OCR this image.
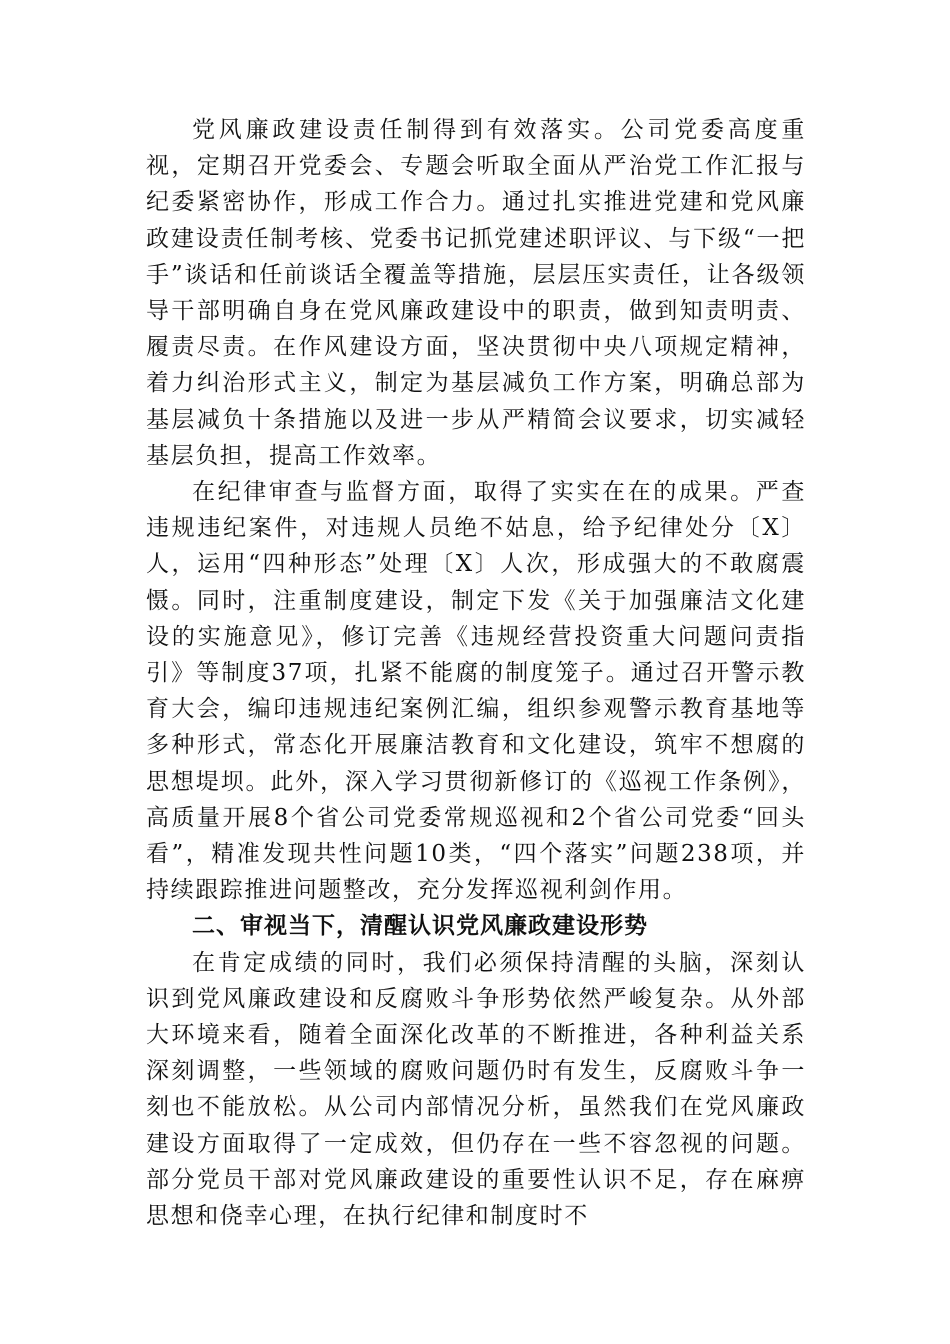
党风廉政建设责任制得到有效落实。公司党委高度重视，定期召开党委会、专题会听取全面从严治党工作汇报与纪委紧密协作，形成工作合力。通过扎实推进党建和党风廉政建设责任制考核、党委书记抓党建述职评议、与下级“一把手”谈话和任前谈话全覆盖等措施，层层压实责任，让各级领导干部明确自身在党风廉政建设中的职责，做到知责明责、履责尽责。在作风建设方面，坚决贯彻中央八项规定精神，着力纠治形式主义，制定为基层减负工作方案，明确总部为基层减负十条措施以及进一步从严精简会议要求，切实减轻基层负担，提高工作效率。

在纪律审查与监督方面，取得了实实在在的成果。严查违规违纪案件，对违规人员绝不姑息，给予纪律处分〔X〕人，运用“四种形态”处理〔X〕人次，形成强大的不敢腐震慑。同时，注重制度建设，制定下发《关于加强廉洁文化建设的实施意见》，修订完善《违规经营投资重大问题问责指引》等制度37项，扎紧不能腐的制度笼子。通过召开警示教育大会，编印违规违纪案例汇编，组织参观警示教育基地等多种形式，常态化开展廉洁教育和文化建设，筑牢不想腐的思想堤坝。此外，深入学习贯彻新修订的《巡视工作条例》，高质量开展8个省公司党委常规巡视和2个省公司党委“回头看”，精准发现共性问题10类，“四个落实”问题238项，并持续跟踪推进问题整改，充分发挥巡视利剑作用。

二、审视当下，清醒认识党风廉政建设形势

在肯定成绩的同时，我们必须保持清醒的头脑，深刻认识到党风廉政建设和反腐败斗争形势依然严峻复杂。从外部大环境来看，随着全面深化改革的不断推进，各种利益关系深刻调整，一些领域的腐败问题仍时有发生，反腐败斗争一刻也不能放松。从公司内部情况分析，虽然我们在党风廉政建设方面取得了一定成效，但仍存在一些不容忽视的问题。部分党员干部对党风廉政建设的重要性认识不足，存在麻痹思想和侥幸心理，在执行纪律和制度时不
